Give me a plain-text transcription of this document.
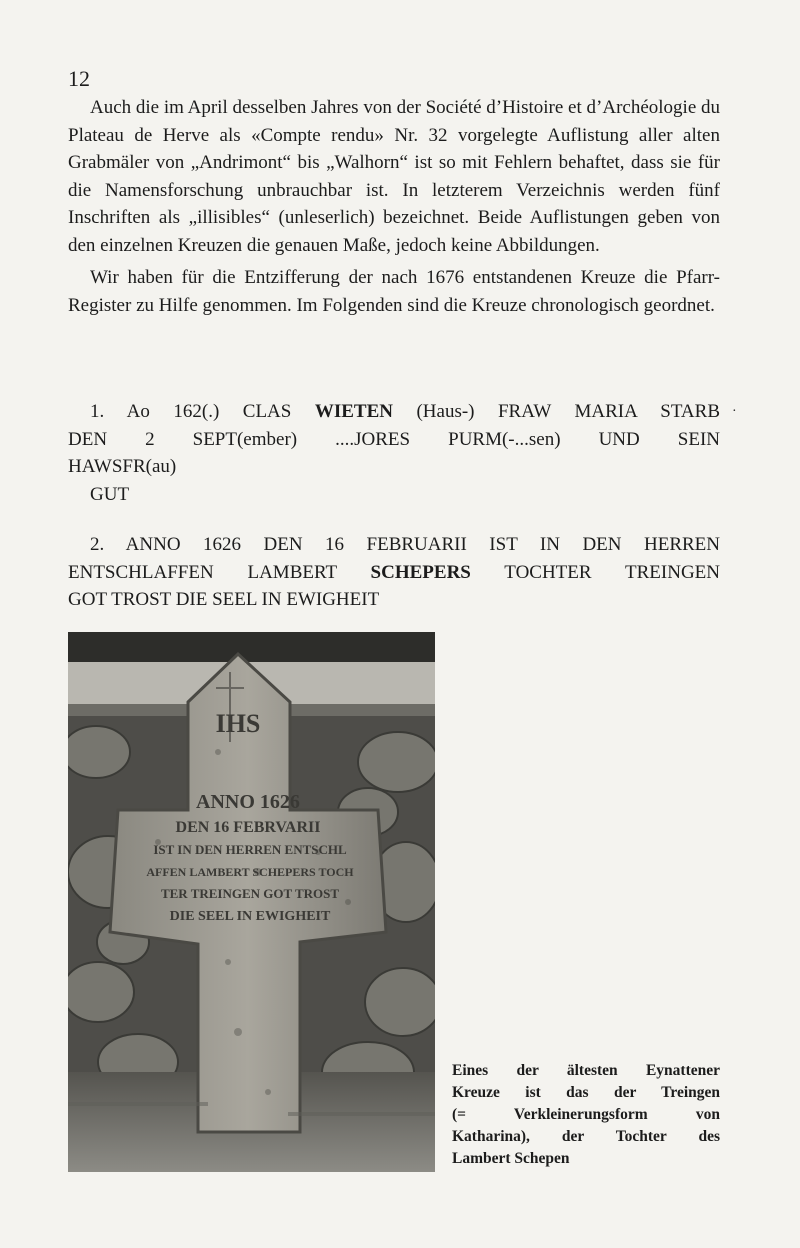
12

Auch die im April desselben Jahres von der Société d’Histoire et d’Archéologie du Plateau de Herve als «Compte rendu» Nr. 32 vorgelegte Auflistung aller alten Grabmäler von „Andrimont“ bis „Walhorn“ ist so mit Fehlern behaftet, dass sie für die Namensforschung unbrauchbar ist. In letzterem Verzeichnis werden fünf Inschriften als „illisibles“ (unleserlich) bezeichnet. Beide Auflistungen geben von den einzelnen Kreuzen die genauen Maße, jedoch keine Abbildungen.

Wir haben für die Entzifferung der nach 1676 entstandenen Kreuze die Pfarr-Register zu Hilfe genommen. Im Folgenden sind die Kreuze chronologisch geordnet.

1. Ao 162(.) CLAS WIETEN (Haus-) FRAW MARIA STARB

DEN 2 SEPT(ember) ....JORES PURM(-...sen) UND SEIN

HAWSFR(au)

GUT

·

2. ANNO 1626 DEN 16 FEBRUARII IST IN DEN HERREN

ENTSCHLAFFEN LAMBERT SCHEPERS TOCHTER TREINGEN

GOT TROST DIE SEEL IN EWIGHEIT

IHS
ANNO 1626
DEN 16 FEBRVARII
IST IN DEN HERREN ENTSCHL
AFFEN LAMBERT SCHEPERS TOCH
TER TREINGEN GOT TROST
DIE SEEL IN EWIGHEIT
Eines der ältesten Eynattener
Kreuze ist das der Treingen
(= Verkleinerungsform von
Katharina), der Tochter des
Lambert Schepen
